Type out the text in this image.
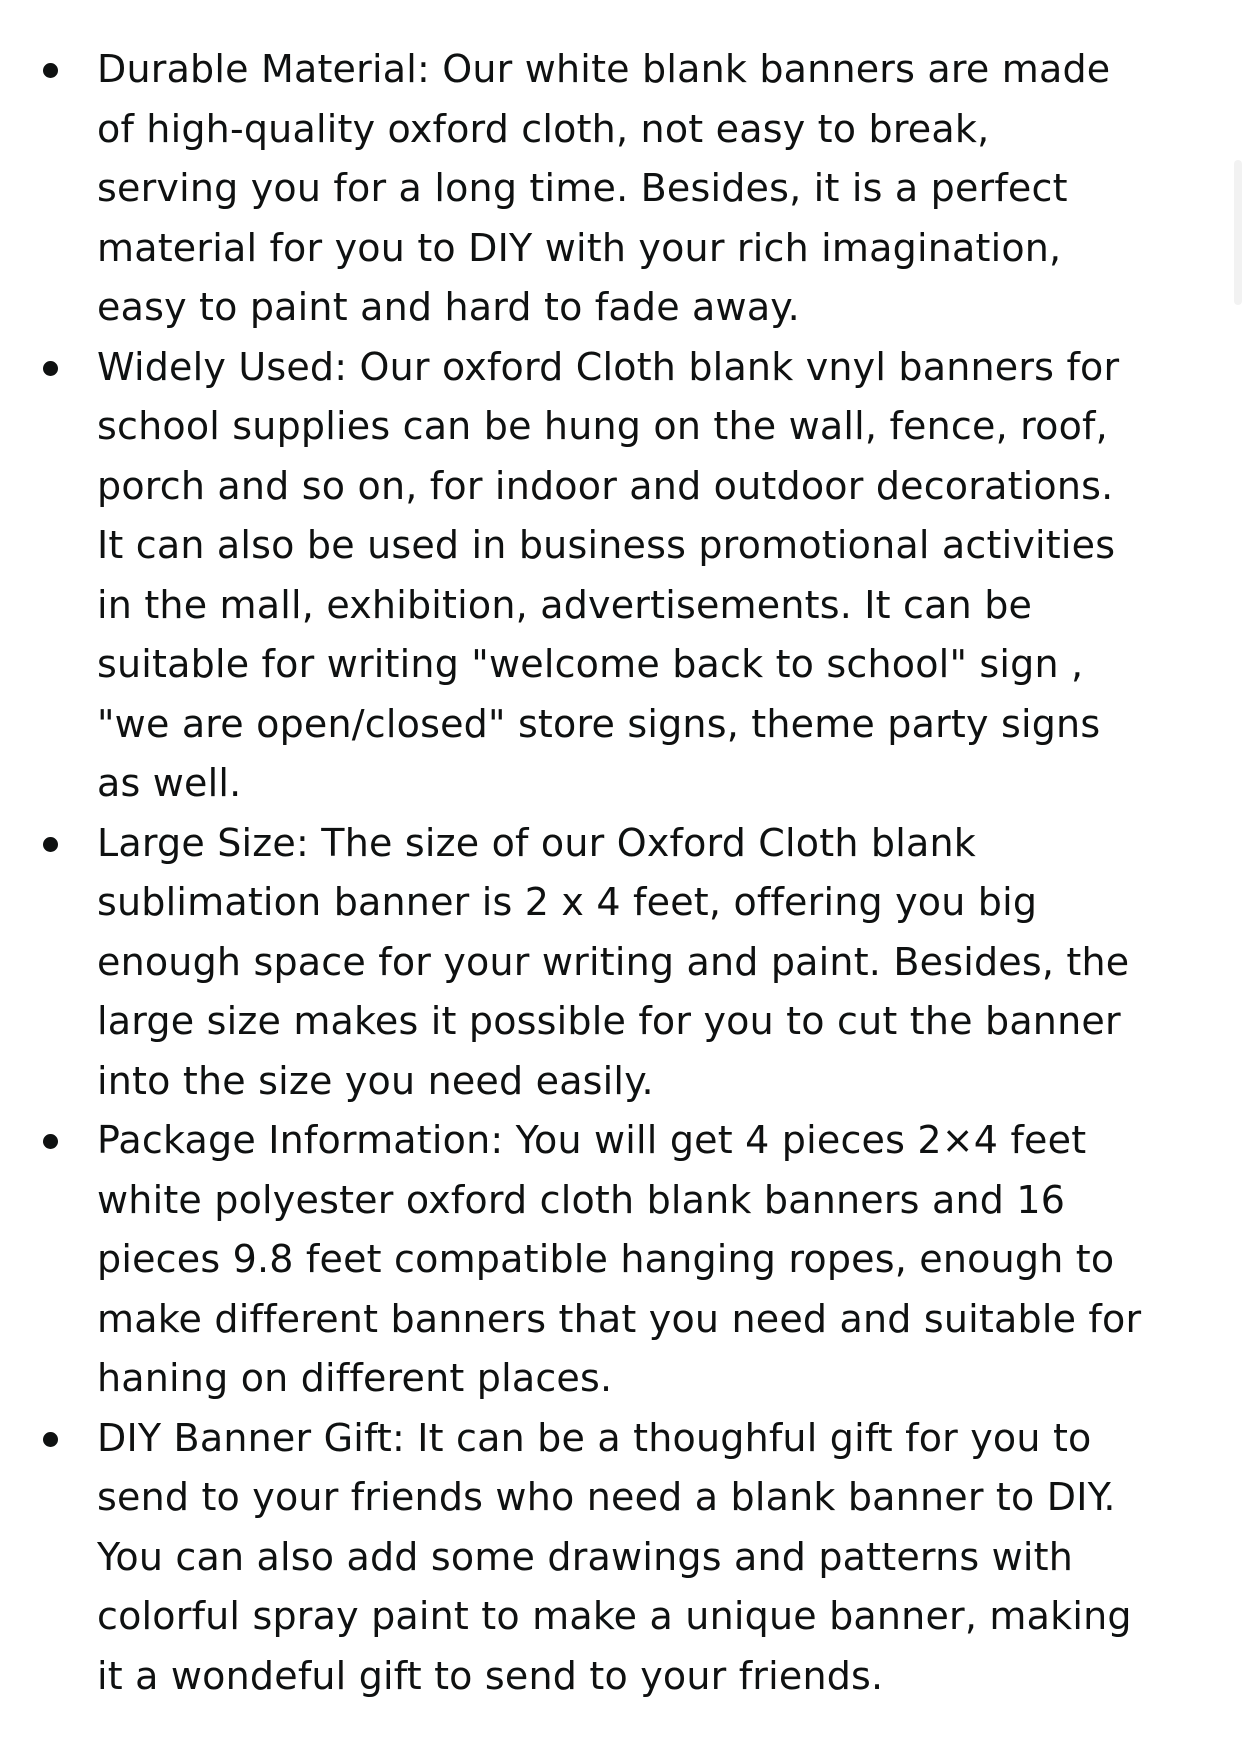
Durable Material: Our white blank banners are made
of high-quality oxford cloth, not easy to break,
serving you for a long time. Besides, it is a perfect
material for you to DIY with your rich imagination,
easy to paint and hard to fade away.
Widely Used: Our oxford Cloth blank vnyl banners for
school supplies can be hung on the wall, fence, roof,
porch and so on, for indoor and outdoor decorations.
It can also be used in business promotional activities
in the mall, exhibition, advertisements. It can be
suitable for writing "welcome back to school" sign ,
"we are open/closed" store signs, theme party signs
as well.
Large Size: The size of our Oxford Cloth blank
sublimation banner is 2 x 4 feet, offering you big
enough space for your writing and paint. Besides, the
large size makes it possible for you to cut the banner
into the size you need easily.
Package Information: You will get 4 pieces 2×4 feet
white polyester oxford cloth blank banners and 16
pieces 9.8 feet compatible hanging ropes, enough to
make different banners that you need and suitable for
haning on different places.
DIY Banner Gift: It can be a thoughful gift for you to
send to your friends who need a blank banner to DIY.
You can also add some drawings and patterns with
colorful spray paint to make a unique banner, making
it a wondeful gift to send to your friends.
